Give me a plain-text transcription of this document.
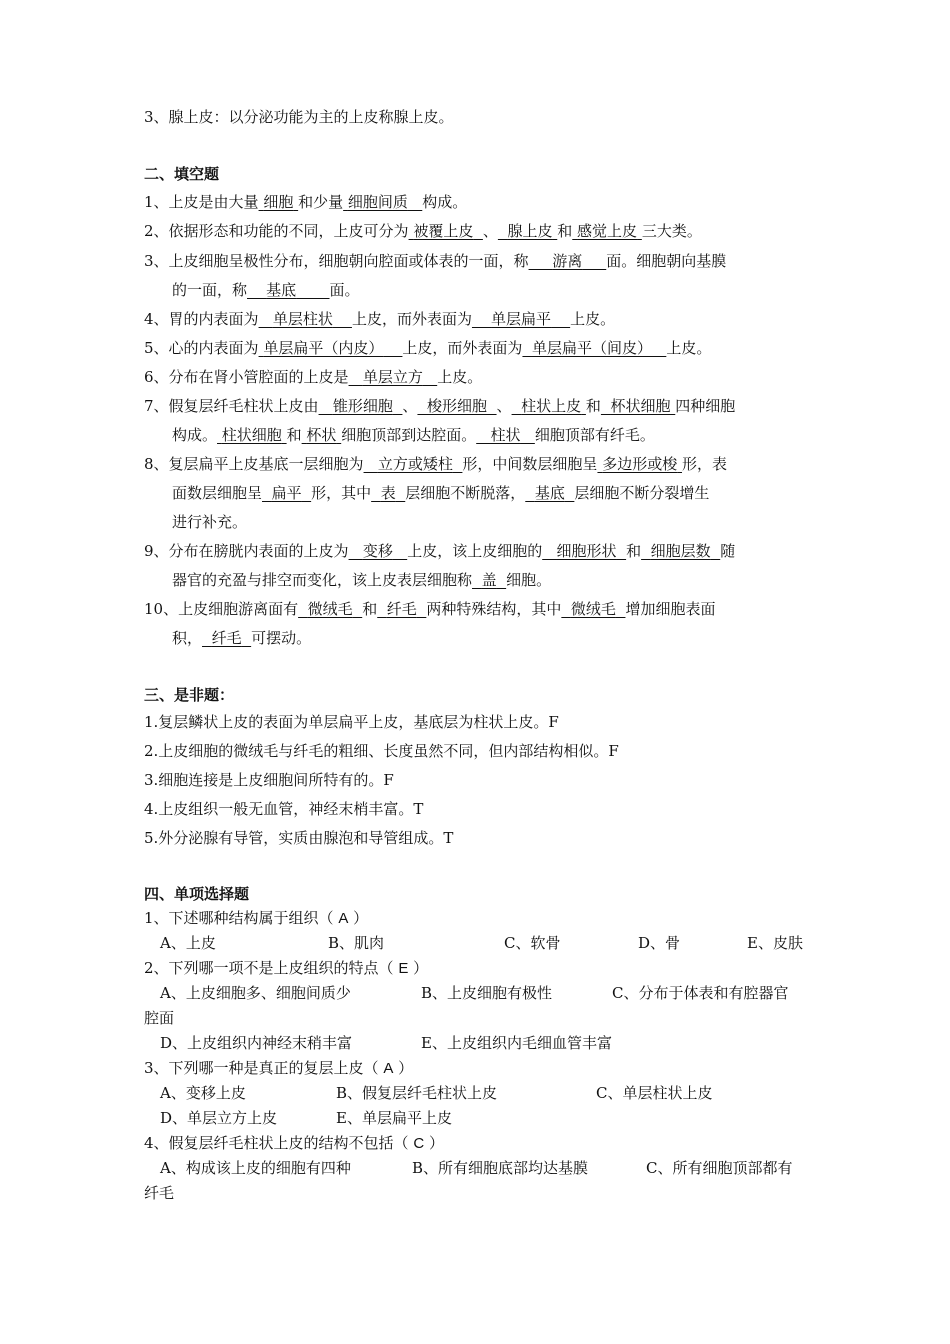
3、腺上皮：以分泌功能为主的上皮称腺上皮。
二、填空题
1、上皮是由大量 细胞 和少量 细胞间质 构成。
2、依据形态和功能的不同，上皮可分为 被覆上皮 、 腺上皮 和 感觉上皮 三大类。
3、上皮细胞呈极性分布，细胞朝向腔面或体表的一面，称 游离 面。细胞朝向基膜
的一面，称 基底 面。
4、胃的内表面为 单层柱状 上皮，而外表面为 单层扁平 上皮。
5、心的内表面为 单层扁平（内皮） 上皮，而外表面为 单层扁平（间皮） 上皮。
6、分布在肾小管腔面的上皮是 单层立方 上皮。
7、假复层纤毛柱状上皮由 锥形细胞 、 梭形细胞 、 柱状上皮 和 杯状细胞 四种细胞
构成。 柱状细胞 和 杯状 细胞顶部到达腔面。 柱状 细胞顶部有纤毛。
8、复层扁平上皮基底一层细胞为 立方或矮柱 形，中间数层细胞呈 多边形或梭 形，表
面数层细胞呈 扁平 形，其中 表 层细胞不断脱落， 基底 层细胞不断分裂增生
进行补充。
9、分布在膀胱内表面的上皮为 变移 上皮，该上皮细胞的 细胞形状 和 细胞层数 随
器官的充盈与排空而变化，该上皮表层细胞称 盖 细胞。
10、上皮细胞游离面有 微绒毛 和 纤毛 两种特殊结构，其中 微绒毛 增加细胞表面
积， 纤毛 可摆动。
三、是非题：
1.复层鳞状上皮的表面为单层扁平上皮，基底层为柱状上皮。F
2.上皮细胞的微绒毛与纤毛的粗细、长度虽然不同，但内部结构相似。F
3.细胞连接是上皮细胞间所特有的。F
4.上皮组织一般无血管，神经末梢丰富。T
5.外分泌腺有导管，实质由腺泡和导管组成。T
四、单项选择题
1、下述哪种结构属于组织（ A ）
A、上皮	B、肌肉	C、软骨	D、骨	E、皮肤
2、下列哪一项不是上皮组织的特点（ E ）
A、上皮细胞多、细胞间质少	B、上皮细胞有极性	C、分布于体表和有腔器官
腔面
D、上皮组织内神经末稍丰富	E、上皮组织内毛细血管丰富
3、下列哪一种是真正的复层上皮（ A ）
A、变移上皮	B、假复层纤毛柱状上皮	C、单层柱状上皮
D、单层立方上皮	E、单层扁平上皮
4、假复层纤毛柱状上皮的结构不包括（ C ）
A、构成该上皮的细胞有四种	B、所有细胞底部均达基膜	C、所有细胞顶部都有
纤毛
